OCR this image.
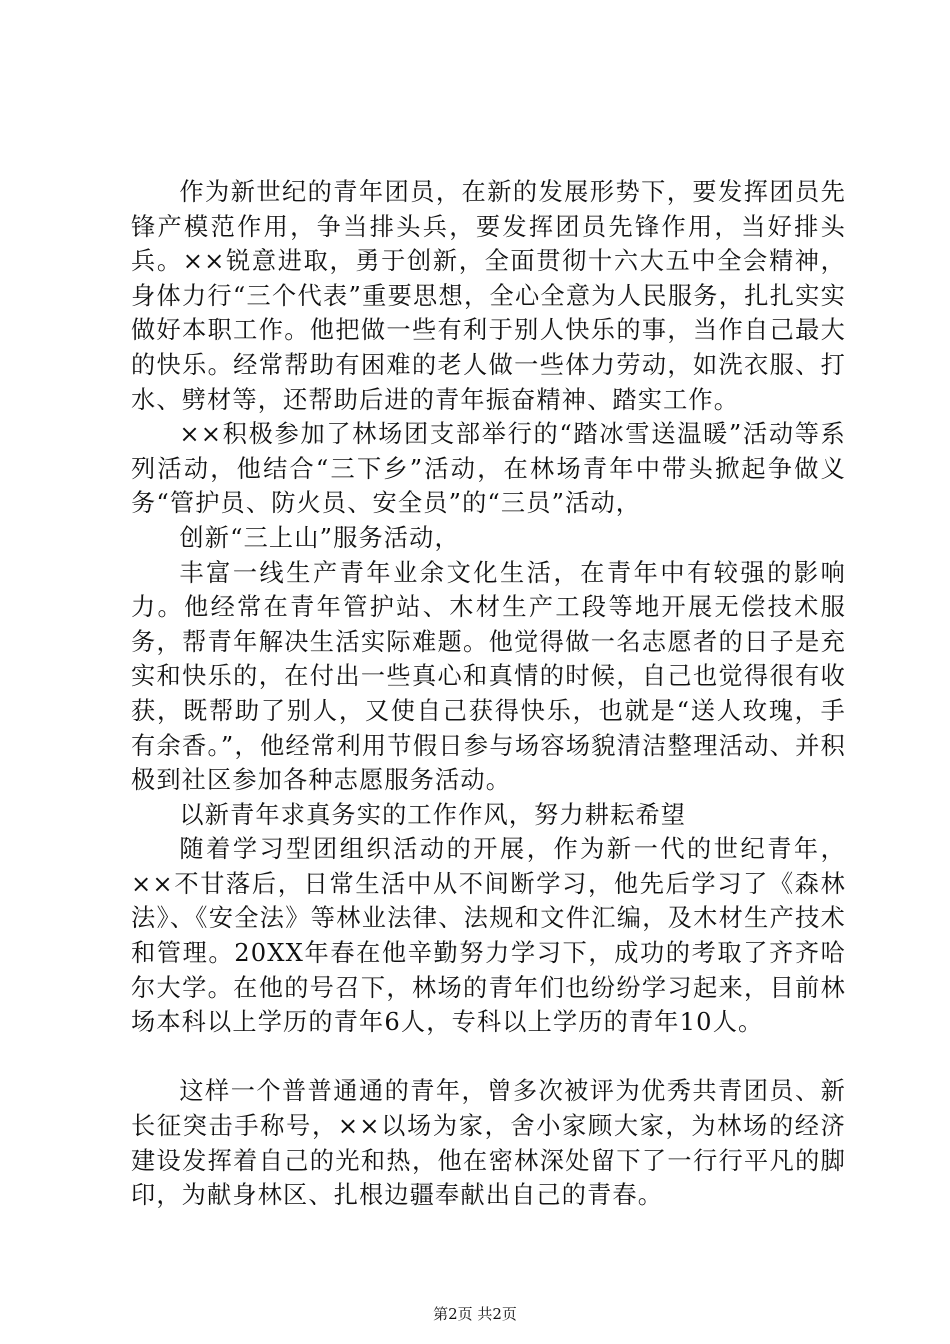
作为新世纪的青年团员，在新的发展形势下，要发挥团员先锋产模范作用，争当排头兵，要发挥团员先锋作用，当好排头兵。××锐意进取，勇于创新，全面贯彻十六大五中全会精神，身体力行“三个代表”重要思想，全心全意为人民服务，扎扎实实做好本职工作。他把做一些有利于别人快乐的事，当作自己最大的快乐。经常帮助有困难的老人做一些体力劳动，如洗衣服、打水、劈材等，还帮助后进的青年振奋精神、踏实工作。

××积极参加了林场团支部举行的“踏冰雪送温暖”活动等系列活动，他结合“三下乡”活动，在林场青年中带头掀起争做义务“管护员、防火员、安全员”的“三员”活动，

创新“三上山”服务活动，

丰富一线生产青年业余文化生活，在青年中有较强的影响力。他经常在青年管护站、木材生产工段等地开展无偿技术服务，帮青年解决生活实际难题。他觉得做一名志愿者的日子是充实和快乐的，在付出一些真心和真情的时候，自己也觉得很有收获，既帮助了别人，又使自己获得快乐，也就是“送人玫瑰，手有余香。”，他经常利用节假日参与场容场貌清洁整理活动、并积极到社区参加各种志愿服务活动。

以新青年求真务实的工作作风，努力耕耘希望

随着学习型团组织活动的开展，作为新一代的世纪青年，××不甘落后，日常生活中从不间断学习，他先后学习了《森林法》、《安全法》等林业法律、法规和文件汇编，及木材生产技术和管理。20XX年春在他辛勤努力学习下，成功的考取了齐齐哈尔大学。在他的号召下，林场的青年们也纷纷学习起来，目前林场本科以上学历的青年6人，专科以上学历的青年10人。

这样一个普普通通的青年，曾多次被评为优秀共青团员、新长征突击手称号，××以场为家，舍小家顾大家，为林场的经济建设发挥着自己的光和热，他在密林深处留下了一行行平凡的脚印，为献身林区、扎根边疆奉献出自己的青春。

第2页 共2页
